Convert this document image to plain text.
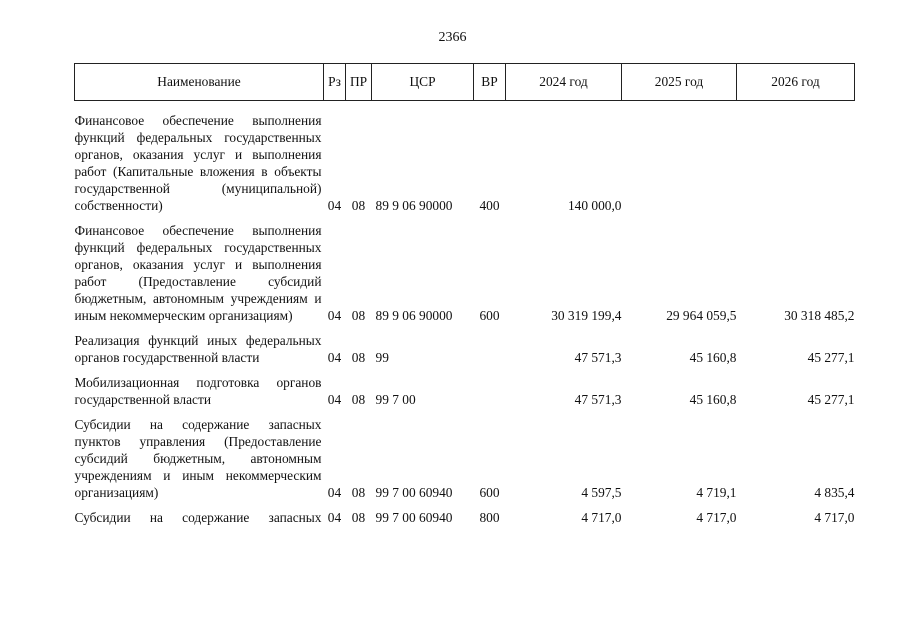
2366
Наименование	Рз	ПР	ЦСР	ВР	2024 год	2025 год	2026 год
Финансовое обеспечение выполнения функций федеральных государственных органов, оказания услуг и выполнения работ (Капитальные вложения в объекты государственной (муниципальной) собственности)	04	08	89 9 06 90000	400	140 000,0		
Финансовое обеспечение выполнения функций федеральных государственных органов, оказания услуг и выполнения работ (Предоставление субсидий бюджетным, автономным учреждениям и иным некоммерческим организациям)	04	08	89 9 06 90000	600	30 319 199,4	29 964 059,5	30 318 485,2
Реализация функций иных федеральных органов государственной власти	04	08	99		47 571,3	45 160,8	45 277,1
Мобилизационная подготовка органов государственной власти	04	08	99 7 00		47 571,3	45 160,8	45 277,1
Субсидии на содержание запасных пунктов управления (Предоставление субсидий бюджетным, автономным учреждениям и иным некоммерческим организациям)	04	08	99 7 00 60940	600	4 597,5	4 719,1	4 835,4
Субсидии на содержание запасных	04	08	99 7 00 60940	800	4 717,0	4 717,0	4 717,0
